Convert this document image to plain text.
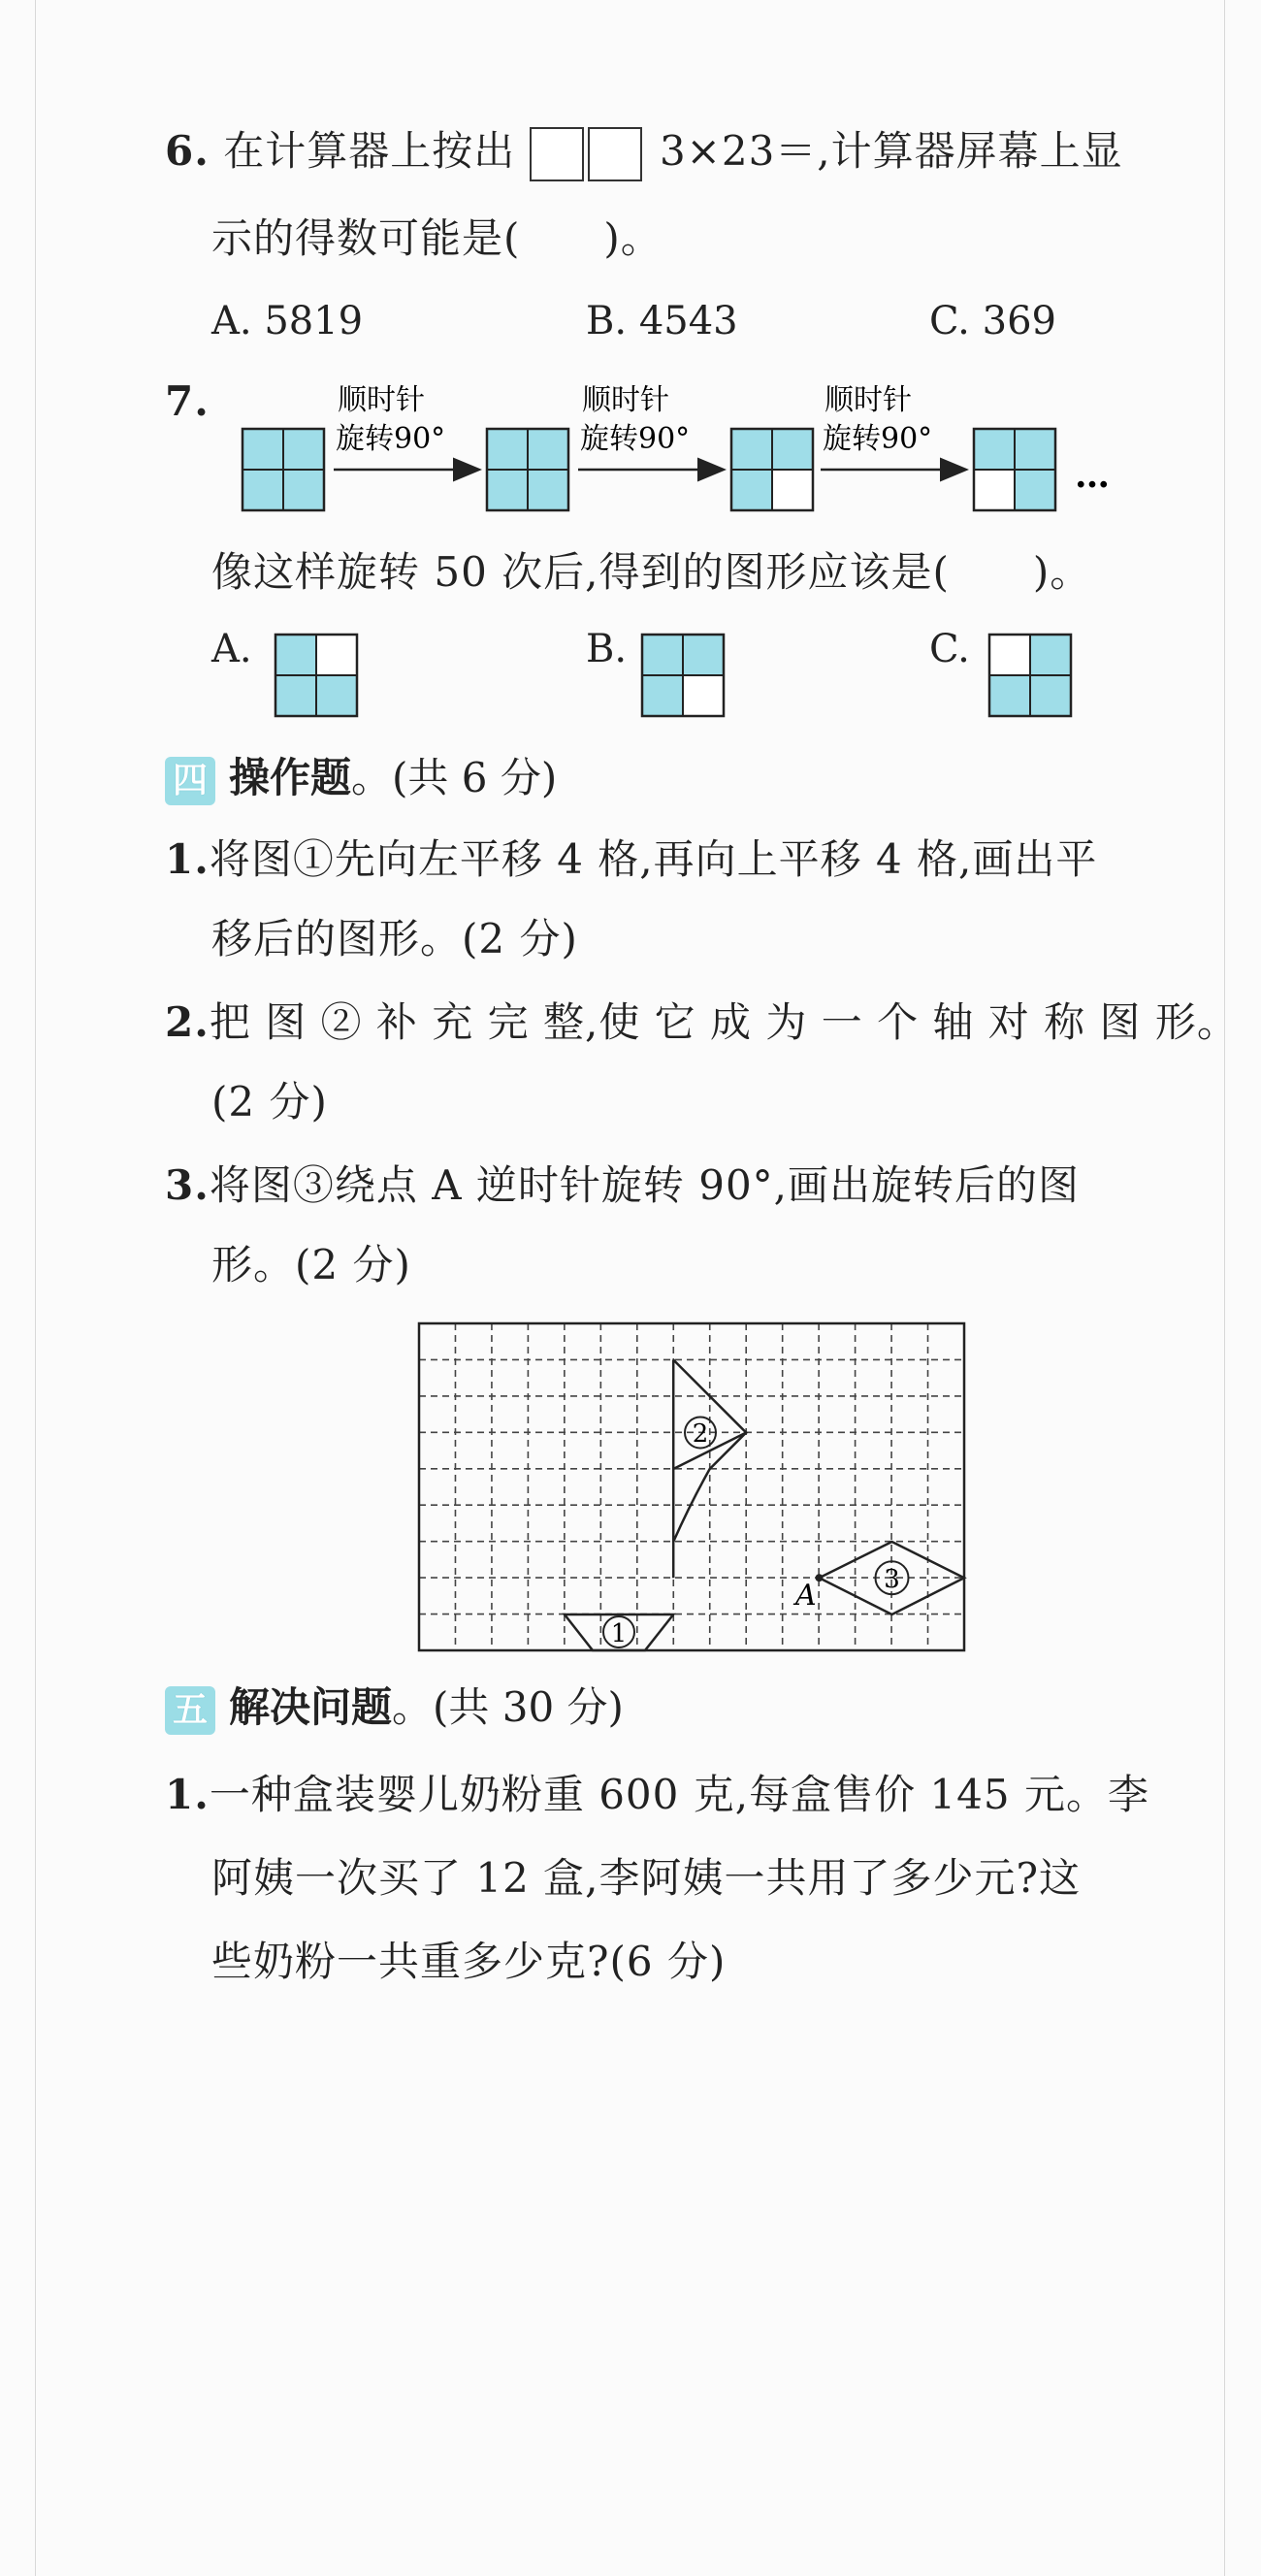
6. 在计算器上按出	3×23＝,计算器屏幕上显
示的得数可能是(　　)。
A. 5819	B. 4543	C. 369
7.	顺时针
旋转90°
顺时针
旋转90°
顺时针
旋转90°
…
像这样旋转 50 次后,得到的图形应该是(　　)。
A.	B.	C.
四 操作题。(共 6 分)
1.将图①先向左平移 4 格,再向上平移 4 格,画出平
移后的图形。(2 分)
2.把 图 ② 补 充 完 整,使 它 成 为 一 个 轴 对 称 图 形。
(2 分)
3.将图③绕点 A 逆时针旋转 90°,画出旋转后的图
形。(2 分)
2
3
A
1
五 解决问题。(共 30 分)
1.一种盒装婴儿奶粉重 600 克,每盒售价 145 元。李
阿姨一次买了 12 盒,李阿姨一共用了多少元?这
些奶粉一共重多少克?(6 分)
